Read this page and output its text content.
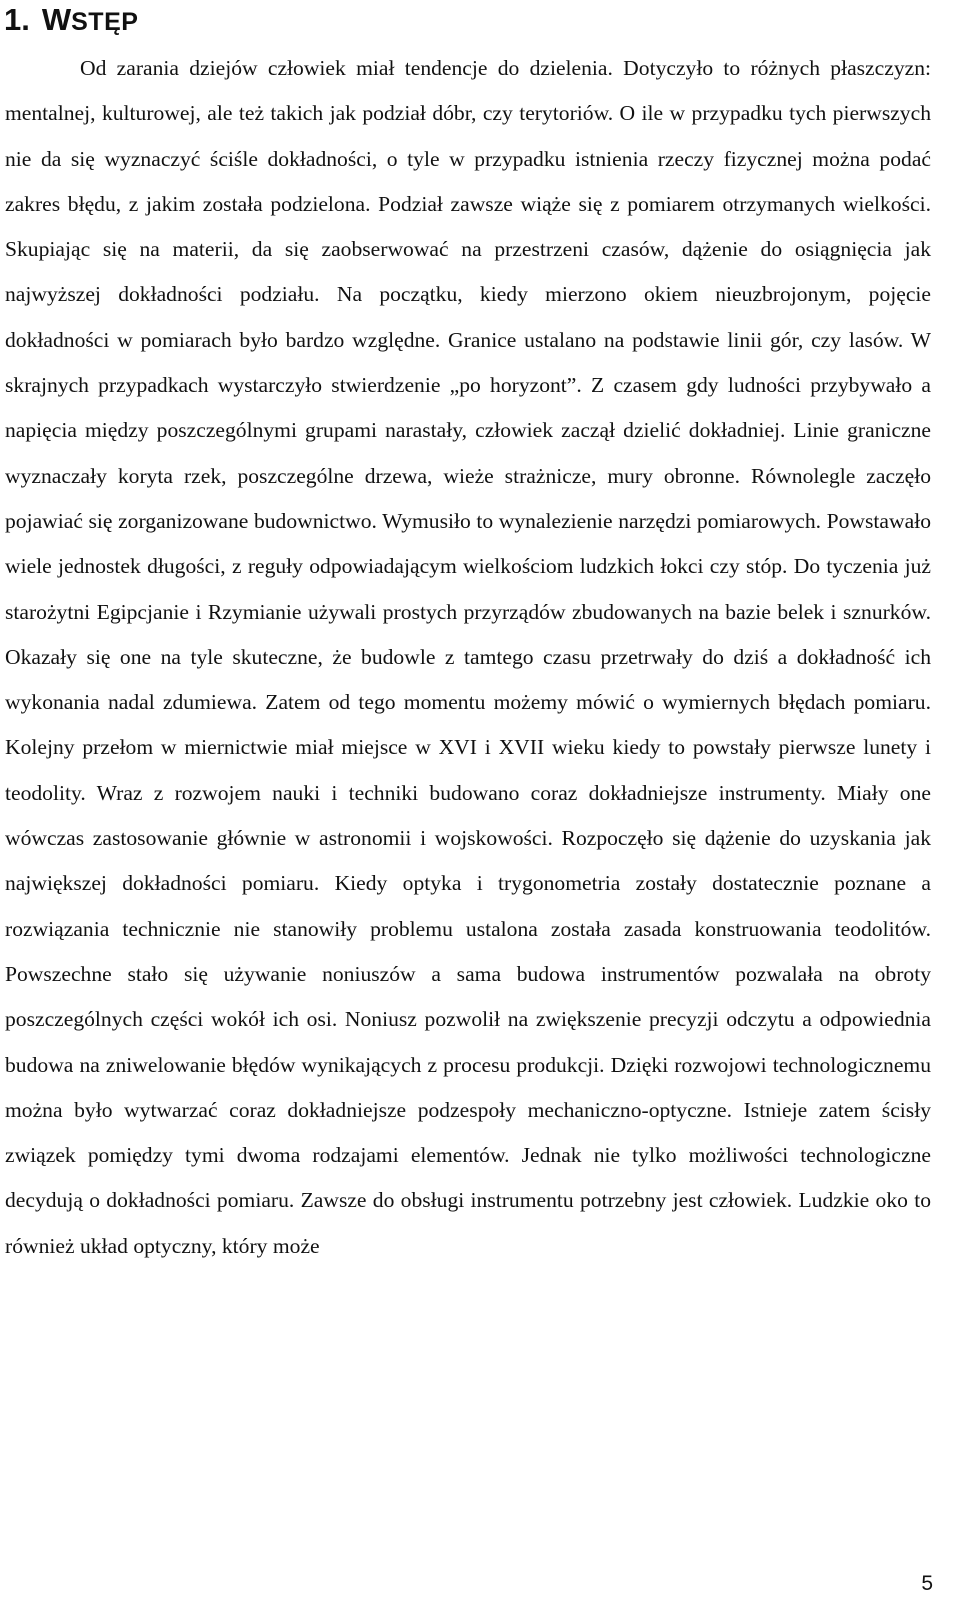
1. WSTĘP

Od zarania dziejów człowiek miał tendencje do dzielenia. Dotyczyło to różnych płaszczyzn: mentalnej, kulturowej, ale też takich jak podział dóbr, czy terytoriów. O ile w przypadku tych pierwszych nie da się wyznaczyć ściśle dokładności, o tyle w przypadku istnienia rzeczy fizycznej można podać zakres błędu, z jakim została podzielona. Podział zawsze wiąże się z pomiarem otrzymanych wielkości. Skupiając się na materii, da się zaobserwować na przestrzeni czasów, dążenie do osiągnięcia jak najwyższej dokładności podziału. Na początku, kiedy mierzono okiem nieuzbrojonym, pojęcie dokładności w pomiarach było bardzo względne. Granice ustalano na podstawie linii gór, czy lasów. W skrajnych przypadkach wystarczyło stwierdzenie „po horyzont”. Z czasem gdy ludności przybywało a napięcia między poszczególnymi grupami narastały, człowiek zaczął dzielić dokładniej. Linie graniczne wyznaczały koryta rzek, poszczególne drzewa, wieże strażnicze, mury obronne. Równolegle zaczęło pojawiać się zorganizowane budownictwo. Wymusiło to wynalezienie narzędzi pomiarowych. Powstawało wiele jednostek długości, z reguły odpowiadającym wielkościom ludzkich łokci czy stóp. Do tyczenia już starożytni Egipcjanie i Rzymianie używali prostych przyrządów zbudowanych na bazie belek i sznurków. Okazały się one na tyle skuteczne, że budowle z tamtego czasu przetrwały do dziś a dokładność ich wykonania nadal zdumiewa. Zatem od tego momentu możemy mówić o wymiernych błędach pomiaru. Kolejny przełom w miernictwie miał miejsce w XVI i XVII wieku kiedy to powstały pierwsze lunety i teodolity. Wraz z rozwojem nauki i techniki budowano coraz dokładniejsze instrumenty. Miały one wówczas zastosowanie głównie w astronomii i wojskowości. Rozpoczęło się dążenie do uzyskania jak największej dokładności pomiaru. Kiedy optyka i trygonometria zostały dostatecznie poznane a rozwiązania technicznie nie stanowiły problemu ustalona została zasada konstruowania teodolitów. Powszechne stało się używanie noniuszów a sama budowa instrumentów pozwalała na obroty poszczególnych części wokół ich osi. Noniusz pozwolił na zwiększenie precyzji odczytu a odpowiednia budowa na zniwelowanie błędów wynikających z procesu produkcji. Dzięki rozwojowi technologicznemu można było wytwarzać coraz dokładniejsze podzespoły mechaniczno-optyczne. Istnieje zatem ścisły związek pomiędzy tymi dwoma rodzajami elementów. Jednak nie tylko możliwości technologiczne decydują o dokładności pomiaru. Zawsze do obsługi instrumentu potrzebny jest człowiek. Ludzkie oko to również układ optyczny, który może

5
